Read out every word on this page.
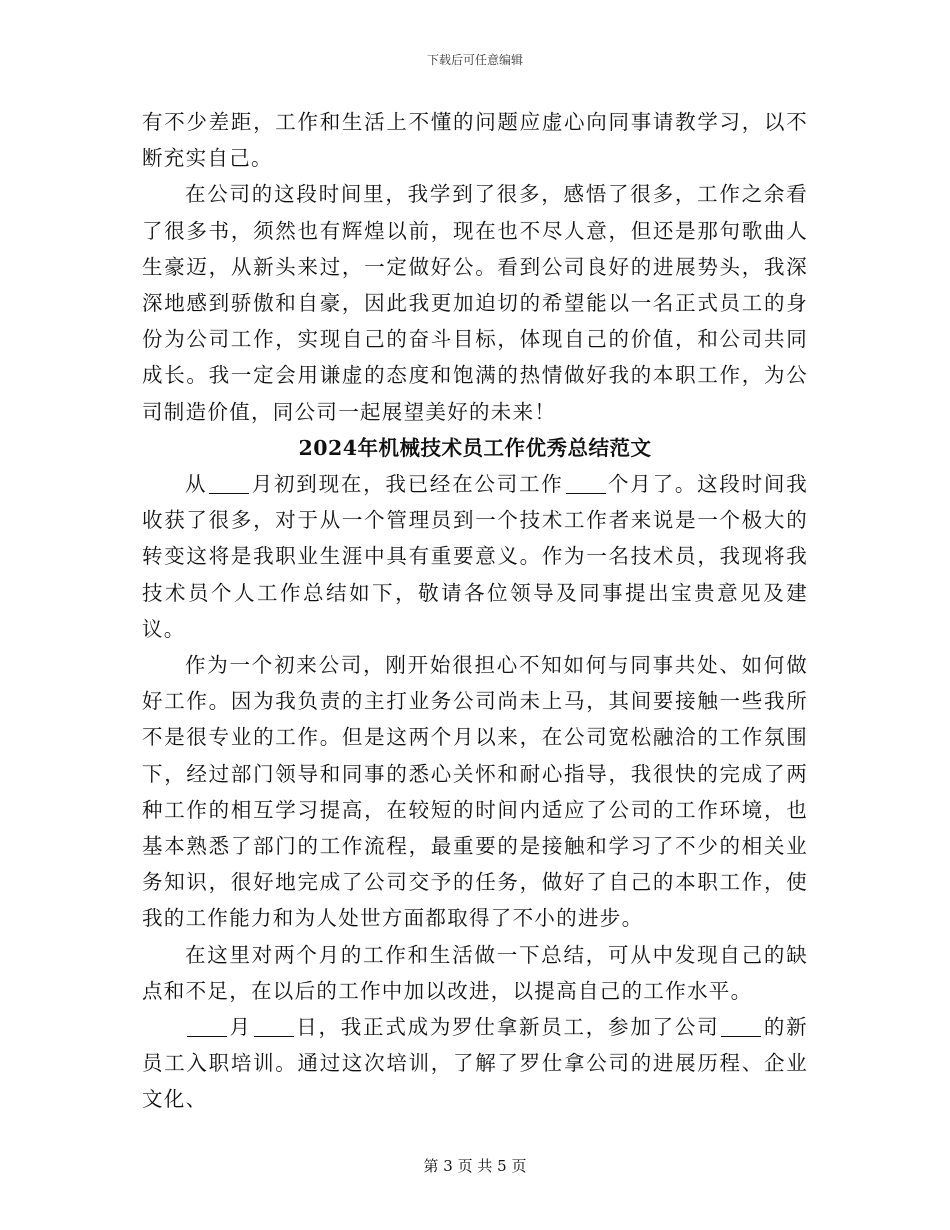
下载后可任意编辑

有不少差距，工作和生活上不懂的问题应虚心向同事请教学习，以不断充实自己。

在公司的这段时间里，我学到了很多，感悟了很多，工作之余看了很多书，须然也有辉煌以前，现在也不尽人意，但还是那句歌曲人生豪迈，从新头来过，一定做好公。看到公司良好的进展势头，我深深地感到骄傲和自豪，因此我更加迫切的希望能以一名正式员工的身份为公司工作，实现自己的奋斗目标，体现自己的价值，和公司共同成长。我一定会用谦虚的态度和饱满的热情做好我的本职工作，为公司制造价值，同公司一起展望美好的未来！

2024年机械技术员工作优秀总结范文

从 月初到现在，我已经在公司工作 个月了。这段时间我收获了很多，对于从一个管理员到一个技术工作者来说是一个极大的转变这将是我职业生涯中具有重要意义。作为一名技术员，我现将我技术员个人工作总结如下，敬请各位领导及同事提出宝贵意见及建议。

作为一个初来公司，刚开始很担心不知如何与同事共处、如何做好工作。因为我负责的主打业务公司尚未上马，其间要接触一些我所不是很专业的工作。但是这两个月以来，在公司宽松融洽的工作氛围下，经过部门领导和同事的悉心关怀和耐心指导，我很快的完成了两种工作的相互学习提高，在较短的时间内适应了公司的工作环境，也基本熟悉了部门的工作流程，最重要的是接触和学习了不少的相关业务知识，很好地完成了公司交予的任务，做好了自己的本职工作，使我的工作能力和为人处世方面都取得了不小的进步。

在这里对两个月的工作和生活做一下总结，可从中发现自己的缺点和不足，在以后的工作中加以改进，以提高自己的工作水平。

月 日，我正式成为罗仕拿新员工，参加了公司 的新员工入职培训。通过这次培训，了解了罗仕拿公司的进展历程、企业文化、

第 3 页 共 5 页
